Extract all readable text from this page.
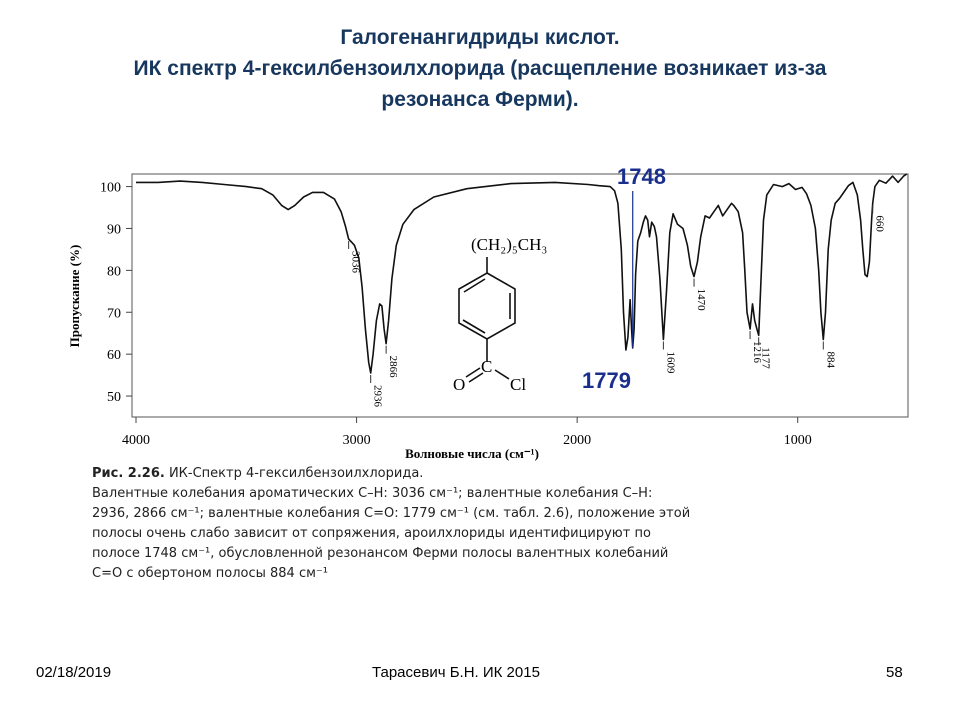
Галогенангидриды кислот.
ИК спектр 4-гексилбензоилхлорида (расщепление возникает из-за
резонанса Ферми).
100
90
80
70
60
50
4000	3000	2000	1000
3036
2936
2866	1609
1470
1216
1177	884
660
1748
1779
Пропускание (%)
Волновые числа (см⁻¹)
(CH₂)₅CH₃
C
O	Cl
Рис. 2.26. ИК-Спектр 4-гексилбензоилхлорида.
Валентные колебания ароматических С–Н: 3036 см⁻¹; валентные колебания С–Н:
2936, 2866 см⁻¹; валентные колебания С=О: 1779 см⁻¹ (см. табл. 2.6), положение этой
полосы очень слабо зависит от сопряжения, ароилхлориды идентифицируют по
полосе 1748 см⁻¹, обусловленной резонансом Ферми полосы валентных колебаний
С=О с обертоном полосы 884 см⁻¹
02/18/2019	Тарасевич Б.Н. ИК 2015	58
